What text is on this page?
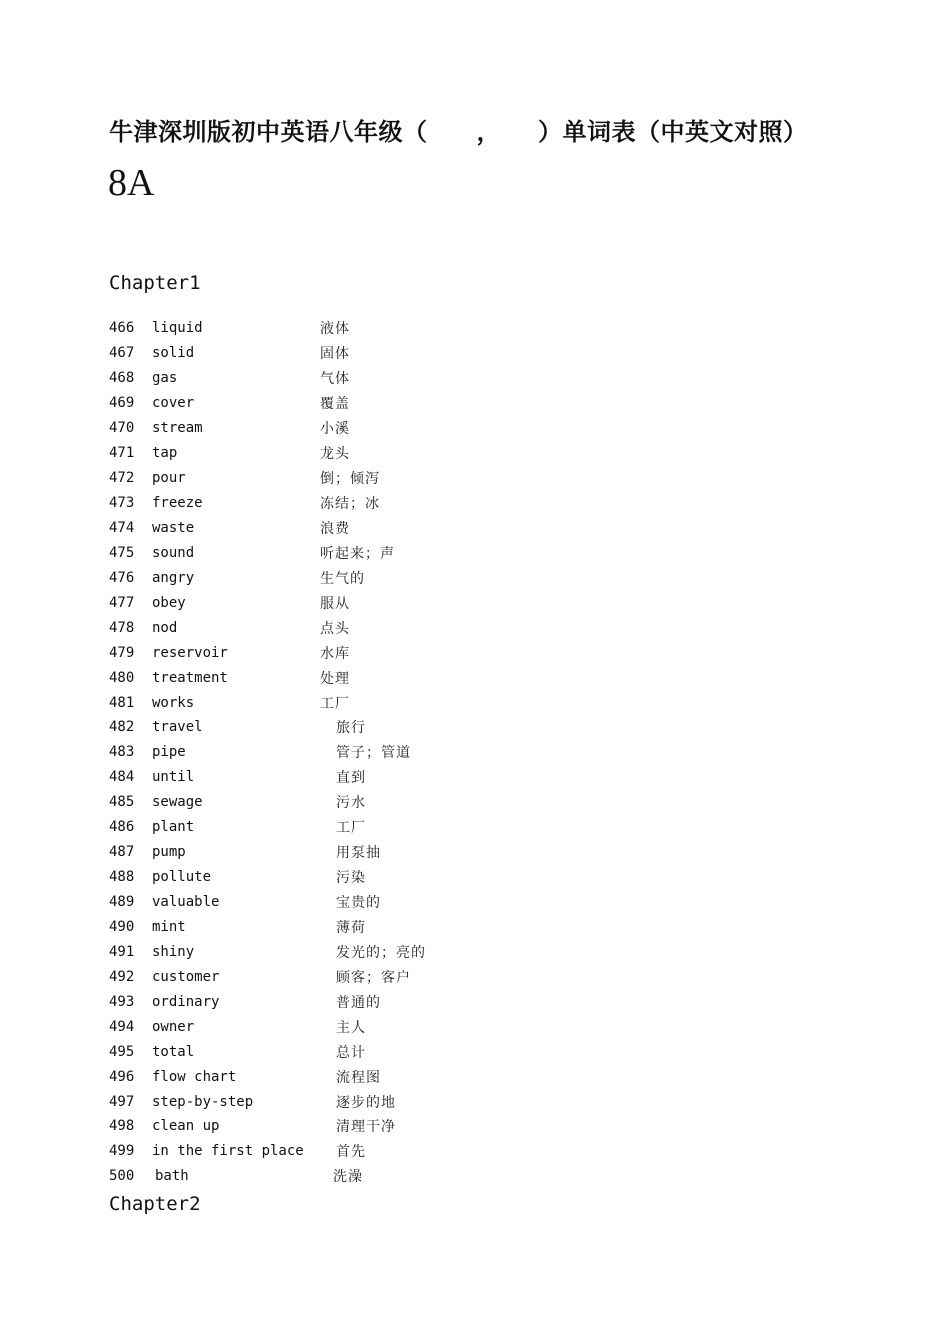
牛津深圳版初中英语八年级（　　，　　）单词表（中英文对照）
8A
Chapter1
466	liquid	液体
467	solid	固体
468	gas	气体
469	cover	覆盖
470	stream	小溪
471	tap	龙头
472	pour	倒；倾泻
473	freeze	冻结；冰
474	waste	浪费
475	sound	听起来；声
476	angry	生气的
477	obey	服从
478	nod	点头
479	reservoir	水库
480	treatment	处理
481	works	工厂
482	travel	旅行
483	pipe	管子；管道
484	until	直到
485	sewage	污水
486	plant	工厂
487	pump	用泵抽
488	pollute	污染
489	valuable	宝贵的
490	mint	薄荷
491	shiny	发光的；亮的
492	customer	顾客；客户
493	ordinary	普通的
494	owner	主人
495	total	总计
496	flow chart	流程图
497	step-by-step	逐步的地
498	clean up	清理干净
499	in the first place	首先
500	bath	洗澡
Chapter2
